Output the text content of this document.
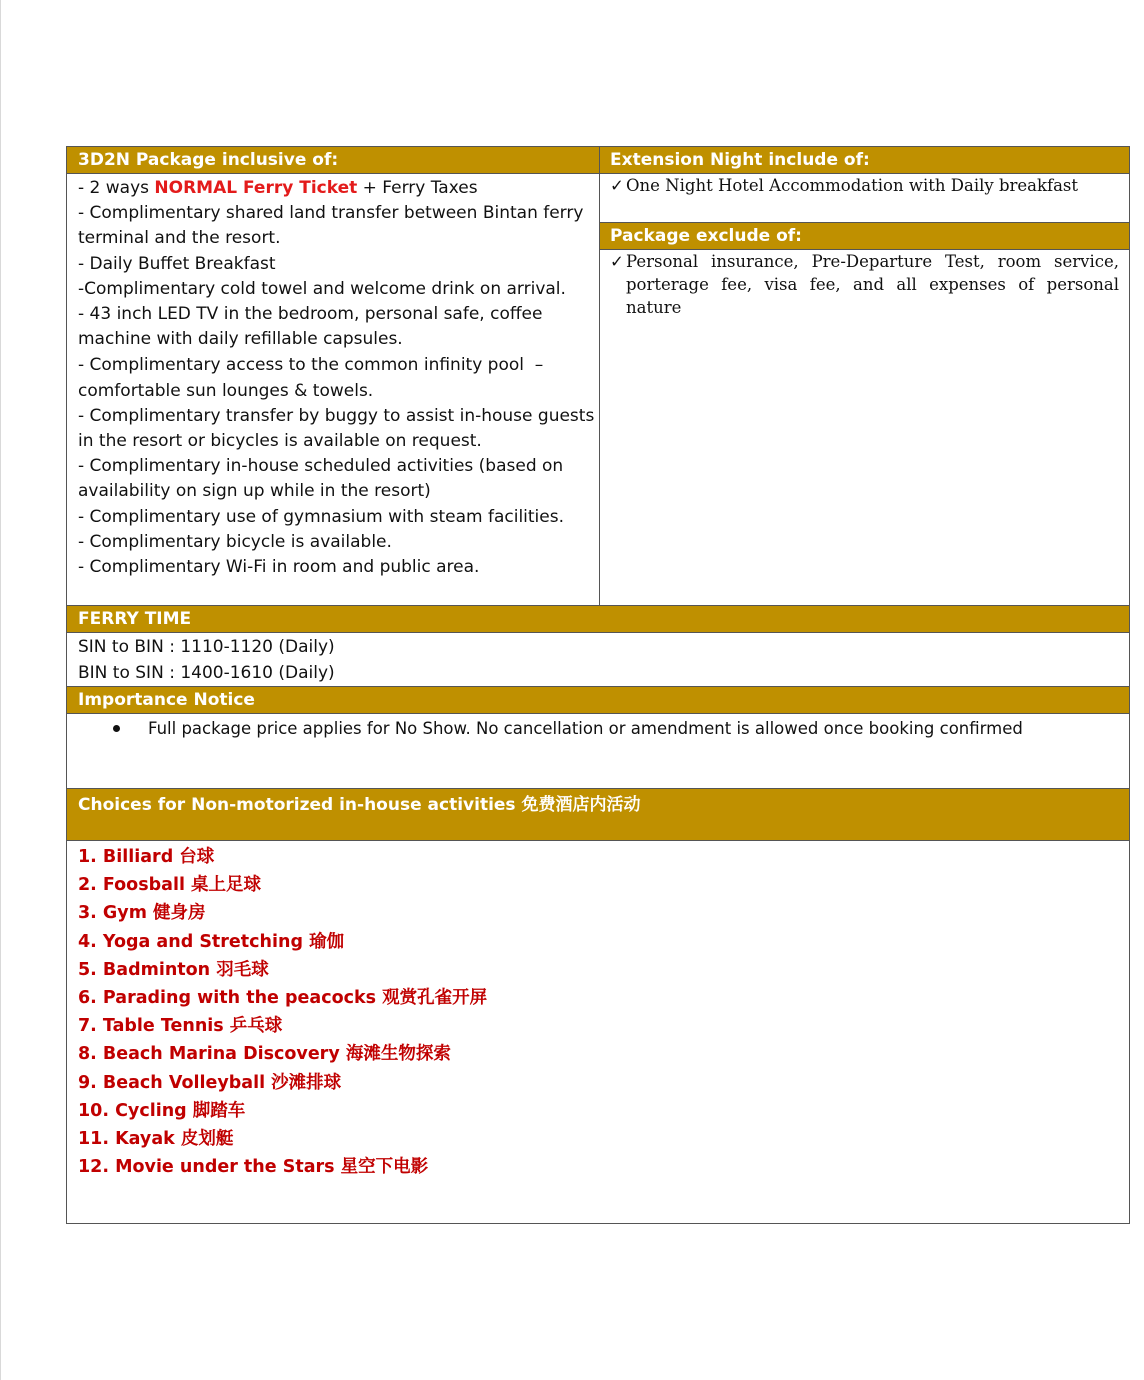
3D2N Package inclusive of:
- 2 ways NORMAL Ferry Ticket + Ferry Taxes
- Complimentary shared land transfer between Bintan ferry
terminal and the resort.
- Daily Buffet Breakfast
-Complimentary cold towel and welcome drink on arrival.
- 43 inch LED TV in the bedroom, personal safe, coffee
machine with daily refillable capsules.
- Complimentary access to the common infinity pool  –
comfortable sun lounges & towels.
- Complimentary transfer by buggy to assist in-house guests
in the resort or bicycles is available on request.
- Complimentary in-house scheduled activities (based on
availability on sign up while in the resort)
- Complimentary use of gymnasium with steam facilities.
- Complimentary bicycle is available.
- Complimentary Wi-Fi in room and public area.
Extension Night include of:
✓ One Night Hotel Accommodation with Daily breakfast
Package exclude of:
✓ Personal insurance, Pre-Departure Test, room service,
porterage fee, visa fee, and all expenses of personal nature
FERRY TIME
SIN to BIN : 1110-1120 (Daily)
BIN to SIN : 1400-1610 (Daily)
Importance Notice
Full package price applies for No Show. No cancellation or amendment is allowed once booking confirmed
Choices for Non-motorized in-house activities 免费酒店内活动
1. Billiard 台球
2. Foosball 桌上足球
3. Gym 健身房
4. Yoga and Stretching 瑜伽
5. Badminton 羽毛球
6. Parading with the peacocks 观赏孔雀开屏
7. Table Tennis 乒乓球
8. Beach Marina Discovery 海滩生物探索
9. Beach Volleyball 沙滩排球
10. Cycling 脚踏车
11. Kayak 皮划艇
12. Movie under the Stars 星空下电影
